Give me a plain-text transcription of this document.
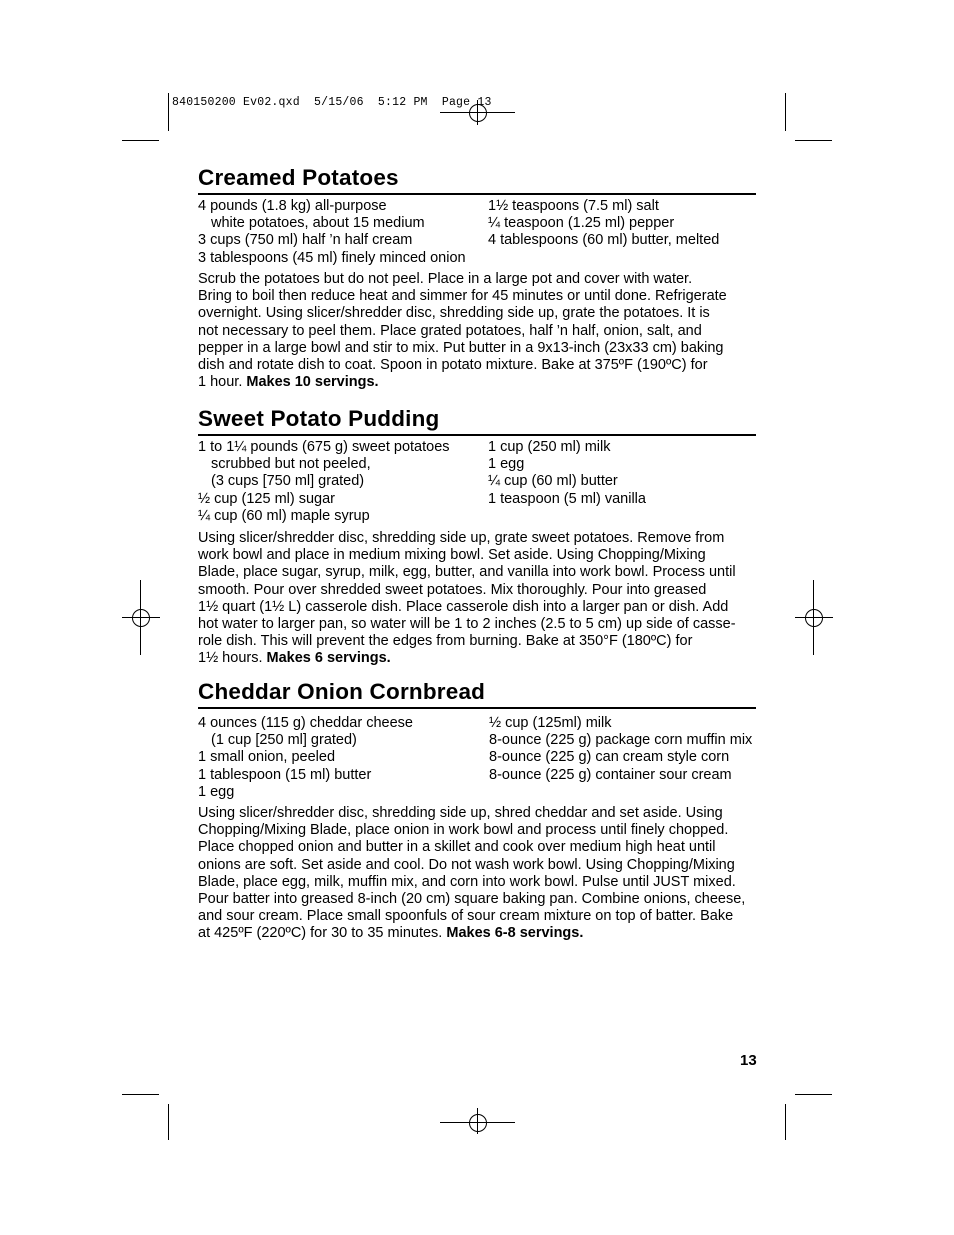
840150200 Ev02.qxd  5/15/06  5:12 PM  Page 13
Creamed Potatoes
4 pounds (1.8 kg) all-purpose
white potatoes, about 15 medium
3 cups (750 ml) half ’n half cream
3 tablespoons (45 ml) finely minced onion
1½ teaspoons (7.5 ml) salt
¼ teaspoon (1.25 ml) pepper
4 tablespoons (60 ml) butter, melted
Scrub the potatoes but do not peel. Place in a large pot and cover with water.
Bring to boil then reduce heat and simmer for 45 minutes or until done. Refrigerate
overnight. Using slicer/shredder disc, shredding side up, grate the potatoes. It is
not necessary to peel them. Place grated potatoes, half ’n half, onion, salt, and
pepper in a large bowl and stir to mix. Put butter in a 9x13-inch (23x33 cm) baking
dish and rotate dish to coat. Spoon in potato mixture. Bake at 375ºF (190ºC) for
1 hour. Makes 10 servings.
Sweet Potato Pudding
1 to 1¼ pounds (675 g) sweet potatoes
scrubbed but not peeled,
(3 cups [750 ml] grated)
½ cup (125 ml) sugar
¼ cup (60 ml) maple syrup
1 cup (250 ml) milk
1 egg
¼ cup (60 ml) butter
1 teaspoon (5 ml) vanilla
Using slicer/shredder disc, shredding side up, grate sweet potatoes. Remove from
work bowl and place in medium mixing bowl. Set aside. Using Chopping/Mixing
Blade, place sugar, syrup, milk, egg, butter, and vanilla into work bowl. Process until
smooth. Pour over shredded sweet potatoes. Mix thoroughly. Pour into greased
1½ quart (1½ L) casserole dish. Place casserole dish into a larger pan or dish. Add
hot water to larger pan, so water will be 1 to 2 inches (2.5 to 5 cm) up side of casse-
role dish. This will prevent the edges from burning. Bake at 350°F (180ºC) for
1½ hours. Makes 6 servings.
Cheddar Onion Cornbread
4 ounces (115 g) cheddar cheese
(1 cup [250 ml] grated)
1 small onion, peeled
1 tablespoon (15 ml) butter
1 egg
½ cup (125ml) milk
8-ounce (225 g) package corn muffin mix
8-ounce (225 g) can cream style corn
8-ounce (225 g) container sour cream
Using slicer/shredder disc, shredding side up, shred cheddar and set aside. Using
Chopping/Mixing Blade, place onion in work bowl and process until finely chopped.
Place chopped onion and butter in a skillet and cook over medium high heat until
onions are soft. Set aside and cool. Do not wash work bowl. Using Chopping/Mixing
Blade, place egg, milk, muffin mix, and corn into work bowl. Pulse until JUST mixed.
Pour batter into greased 8-inch (20 cm) square baking pan. Combine onions, cheese,
and sour cream. Place small spoonfuls of sour cream mixture on top of batter. Bake
at 425ºF (220ºC) for 30 to 35 minutes. Makes 6-8 servings.
13
